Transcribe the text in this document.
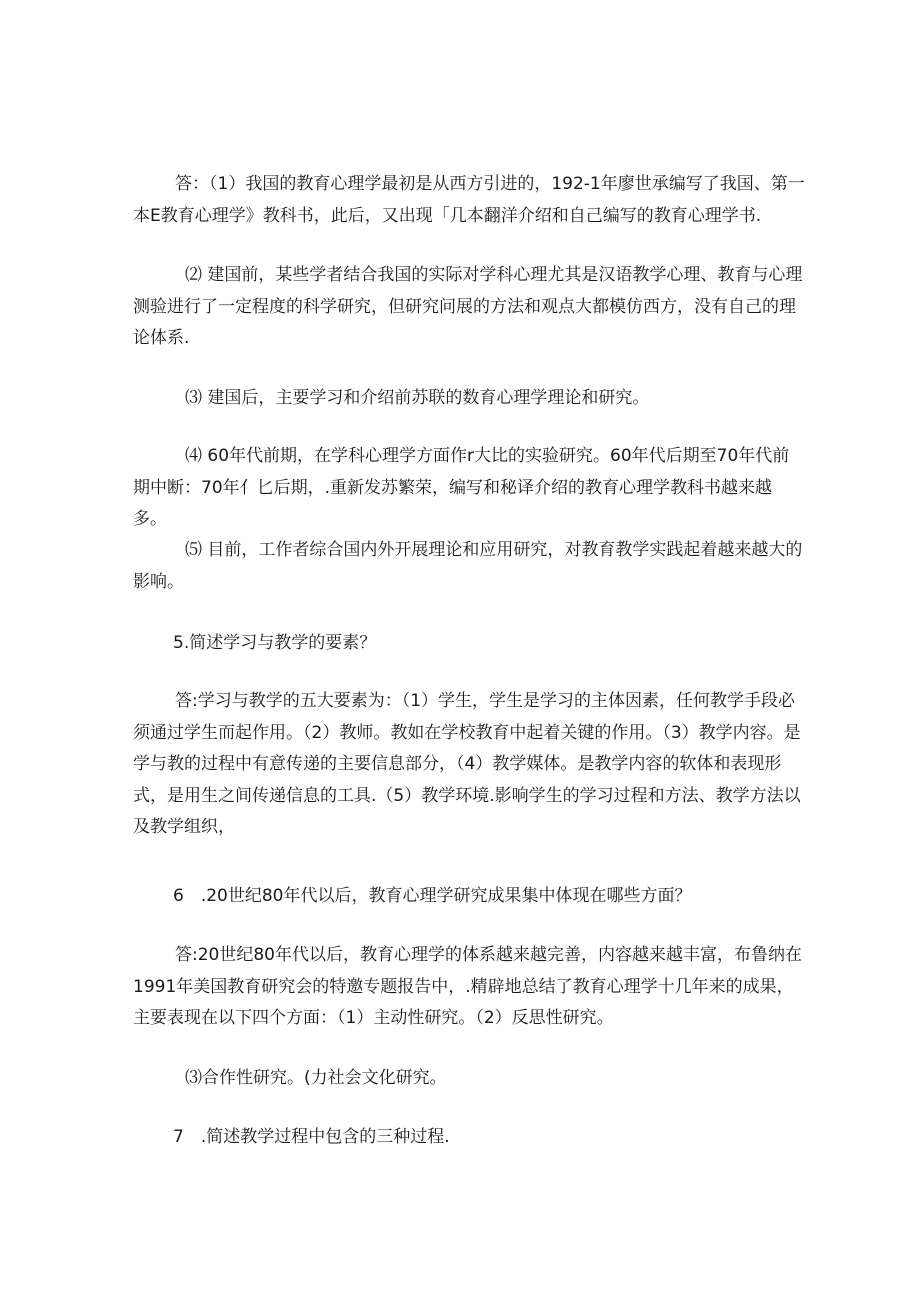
答：（1）我国的教育心理学最初是从西方引进的，192-1年廖世承编写了我国、第一本E教育心理学》教科书，此后，又出现「几本翻洋介绍和自己编写的教育心理学书.

⑵ 建国前，某些学者结合我国的实际对学科心理尤其是汉语教学心理、教育与心理测验进行了一定程度的科学研究，但研究问展的方法和观点大都模仿西方，没有自己的理论体系.

⑶ 建国后，主要学习和介绍前苏联的数育心理学理论和研究。

⑷ 60年代前期，在学科心理学方面作r大比的实验研究。60年代后期至70年代前期中断：70年亻匕后期，.重新发苏繁荣，编写和秘译介绍的教育心理学教科书越来越多。

⑸ 目前，工作者综合国内外开展理论和应用研究，对教育教学实践起着越来越大的影响。

5.简述学习与教学的要素？

答:学习与教学的五大要素为：（1）学生，学生是学习的主体因素，任何教学手段必须通过学生而起作用。（2）教师。教如在学校教育中起着关键的作用。（3）教学内容。是学与教的过程中有意传递的主要信息部分，（4）教学媒体。是教学内容的软体和表现形式，是用生之间传递信息的工具.（5）教学环境.影响学生的学习过程和方法、教学方法以及教学组织，

6　.20世纪80年代以后，教育心理学研究成果集中体现在哪些方面？

答:20世纪80年代以后，教育心理学的体系越来越完善，内容越来越丰富，布鲁纳在1991年美国教育研究会的特邀专题报告中，.精辟地总结了教育心理学十几年来的成果，主要表现在以下四个方面：（1）主动性研究。（2）反思性研究。

⑶合作性研究。(力社会文化研究。

7　.简述教学过程中包含的三种过程.
